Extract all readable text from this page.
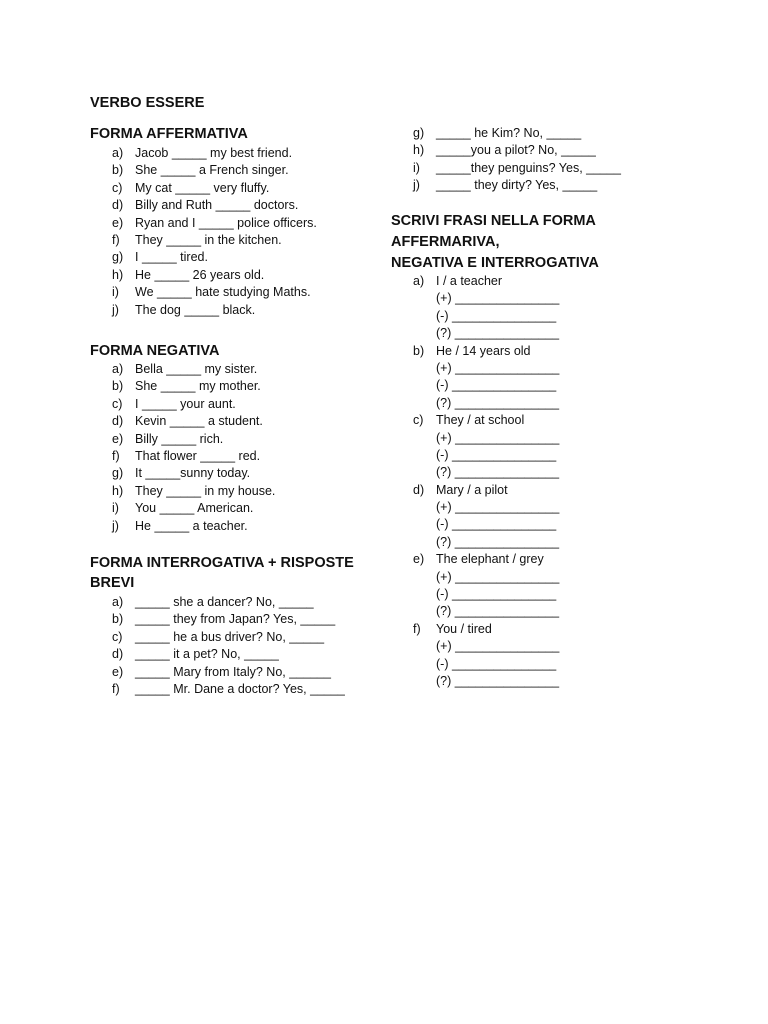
VERBO ESSERE
FORMA AFFERMATIVA
a) Jacob _____ my best friend.
b) She _____ a French singer.
c)	My cat _____ very fluffy.
d) Billy and Ruth _____ doctors.
e) Ryan and I _____ police officers.
f)	They _____ in the kitchen.
g) I _____ tired.
h) He _____ 26 years old.
i)	We _____ hate studying Maths.
j)	The dog _____ black.
FORMA NEGATIVA
a) Bella _____ my sister.
b) She _____ my mother.
c)	I _____ your aunt.
d) Kevin _____ a student.
e) Billy _____ rich.
f)	That flower _____ red.
g) It _____sunny today.
h) They _____ in my house.
i)	You _____ American.
j)	He _____ a teacher.
FORMA INTERROGATIVA + RISPOSTE
BREVI
a) _____ she a dancer? No, _____
b) _____ they from Japan? Yes, _____
c)	_____ he a bus driver? No, _____
d) _____ it a pet? No, _____
e) _____ Mary from Italy? No, ______
f)	_____ Mr. Dane a doctor? Yes, _____
g) _____ he Kim? No, _____
h) _____you a pilot? No, _____
i)	_____they penguins? Yes, _____
j)	_____ they dirty? Yes, _____
SCRIVI FRASI NELLA FORMA
AFFERMARIVA,
NEGATIVA E INTERROGATIVA
a) I / a teacher
(+) _______________
(-) _______________
(?) _______________
b) He / 14 years old
(+) _______________
(-) _______________
(?) _______________
c)	They / at school
(+) _______________
(-) _______________
(?) _______________
d) Mary / a pilot
(+) _______________
(-) _______________
(?) _______________
e) The elephant / grey
(+) _______________
(-) _______________
(?) _______________
f)	You / tired
(+) _______________
(-) _______________
(?) _______________
